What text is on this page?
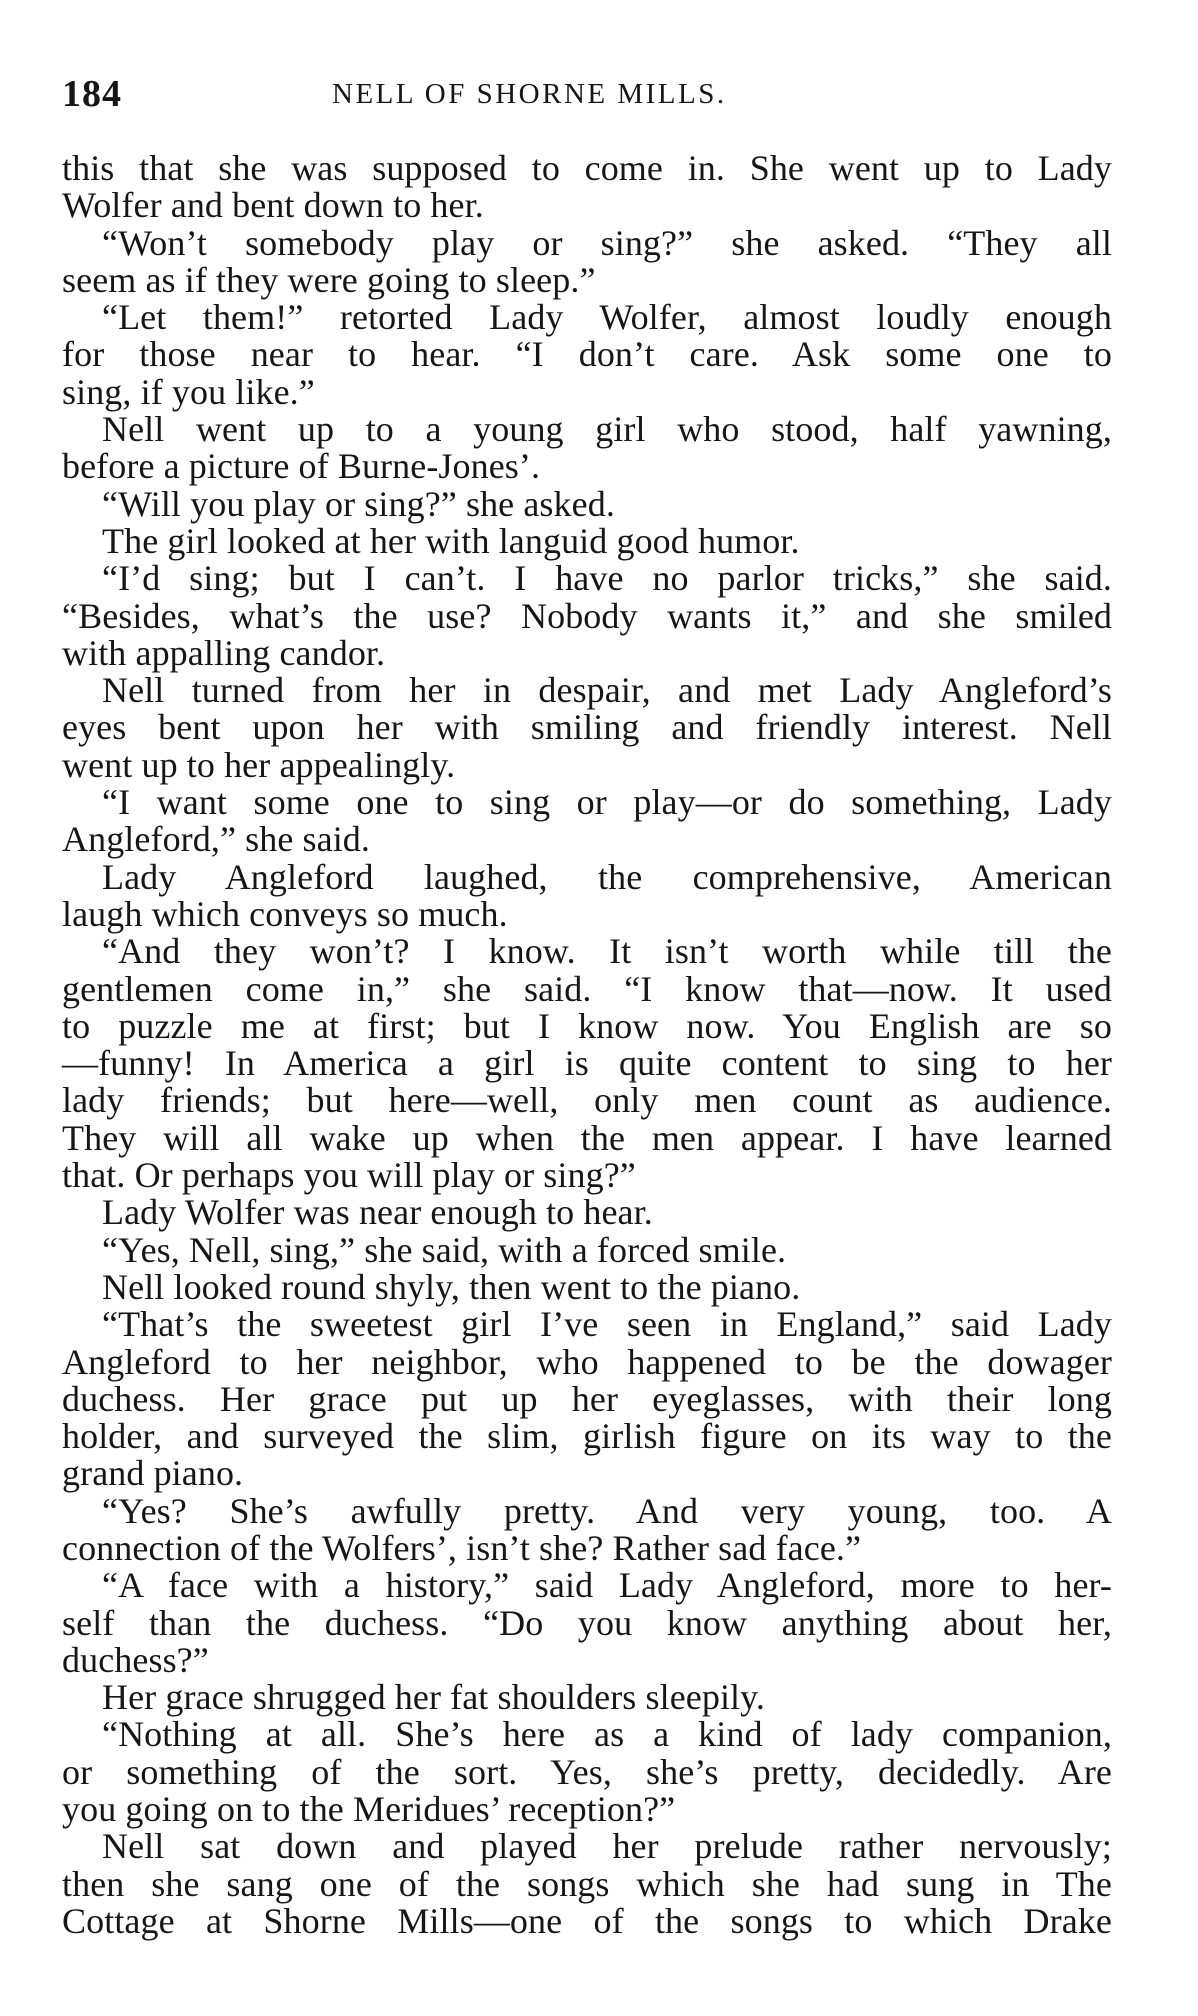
184	NELL OF SHORNE MILLS.
this that she was supposed to come in. She went up to Lady
Wolfer and bent down to her.
“Won’t somebody play or sing?” she asked. “They all
seem as if they were going to sleep.”
“Let them!” retorted Lady Wolfer, almost loudly enough
for those near to hear. “I don’t care. Ask some one to
sing, if you like.”
Nell went up to a young girl who stood, half yawning,
before a picture of Burne-Jones’.
“Will you play or sing?” she asked.
The girl looked at her with languid good humor.
“I’d sing; but I can’t. I have no parlor tricks,” she said.
“Besides, what’s the use? Nobody wants it,” and she smiled
with appalling candor.
Nell turned from her in despair, and met Lady Angleford’s
eyes bent upon her with smiling and friendly interest. Nell
went up to her appealingly.
“I want some one to sing or play—or do something, Lady
Angleford,” she said.
Lady Angleford laughed, the comprehensive, American
laugh which conveys so much.
“And they won’t? I know. It isn’t worth while till the
gentlemen come in,” she said. “I know that—now. It used
to puzzle me at first; but I know now. You English are so
—funny! In America a girl is quite content to sing to her
lady friends; but here—well, only men count as audience.
They will all wake up when the men appear. I have learned
that. Or perhaps you will play or sing?”
Lady Wolfer was near enough to hear.
“Yes, Nell, sing,” she said, with a forced smile.
Nell looked round shyly, then went to the piano.
“That’s the sweetest girl I’ve seen in England,” said Lady
Angleford to her neighbor, who happened to be the dowager
duchess. Her grace put up her eyeglasses, with their long
holder, and surveyed the slim, girlish figure on its way to the
grand piano.
“Yes? She’s awfully pretty. And very young, too. A
connection of the Wolfers’, isn’t she? Rather sad face.”
“A face with a history,” said Lady Angleford, more to her-
self than the duchess. “Do you know anything about her,
duchess?”
Her grace shrugged her fat shoulders sleepily.
“Nothing at all. She’s here as a kind of lady companion,
or something of the sort. Yes, she’s pretty, decidedly. Are
you going on to the Meridues’ reception?”
Nell sat down and played her prelude rather nervously;
then she sang one of the songs which she had sung in The
Cottage at Shorne Mills—one of the songs to which Drake
